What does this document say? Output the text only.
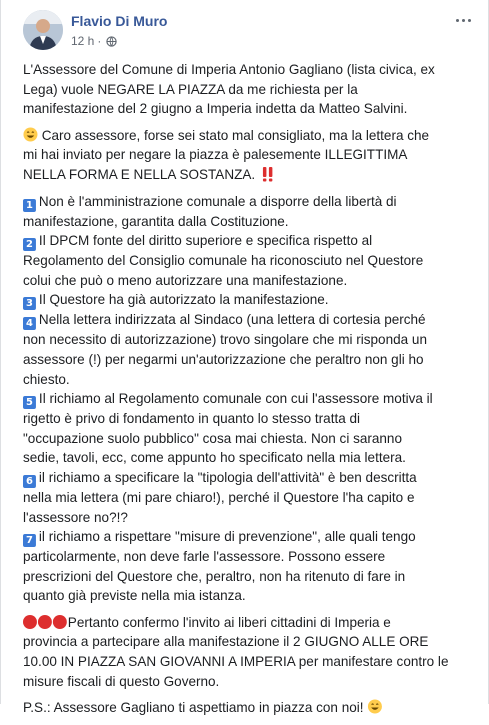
Flavio Di Muro
12 h ·

L'Assessore del Comune di Imperia Antonio Gagliano (lista civica, ex
Lega) vuole NEGARE LA PIAZZA da me richiesta per la
manifestazione del 2 giugno a Imperia indetta da Matteo Salvini.

Caro assessore, forse sei stato mal consigliato, ma la lettera che
mi hai inviato per negare la piazza è palesemente ILLEGITTIMA
NELLA FORMA E NELLA SOSTANZA.

1 Non è l'amministrazione comunale a disporre della libertà di
manifestazione, garantita dalla Costituzione.
2 Il DPCM fonte del diritto superiore e specifica rispetto al
Regolamento del Consiglio comunale ha riconosciuto nel Questore
colui che può o meno autorizzare una manifestazione.
3 Il Questore ha già autorizzato la manifestazione.
4 Nella lettera indirizzata al Sindaco (una lettera di cortesia perché
non necessito di autorizzazione) trovo singolare che mi risponda un
assessore (!) per negarmi un'autorizzazione che peraltro non gli ho
chiesto.
5 Il richiamo al Regolamento comunale con cui l'assessore motiva il
rigetto è privo di fondamento in quanto lo stesso tratta di
"occupazione suolo pubblico" cosa mai chiesta. Non ci saranno
sedie, tavoli, ecc, come appunto ho specificato nella mia lettera.
6 il richiamo a specificare la "tipologia dell'attività" è ben descritta
nella mia lettera (mi pare chiaro!), perché il Questore l'ha capito e
l'assessore no?!?
7 il richiamo a rispettare "misure di prevenzione", alle quali tengo
particolarmente, non deve farle l'assessore. Possono essere
prescrizioni del Questore che, peraltro, non ha ritenuto di fare in
quanto già previste nella mia istanza.

Pertanto confermo l'invito ai liberi cittadini di Imperia e
provincia a partecipare alla manifestazione il 2 GIUGNO ALLE ORE
10.00 IN PIAZZA SAN GIOVANNI A IMPERIA per manifestare contro le
misure fiscali di questo Governo.

P.S.: Assessore Gagliano ti aspettiamo in piazza con noi!
